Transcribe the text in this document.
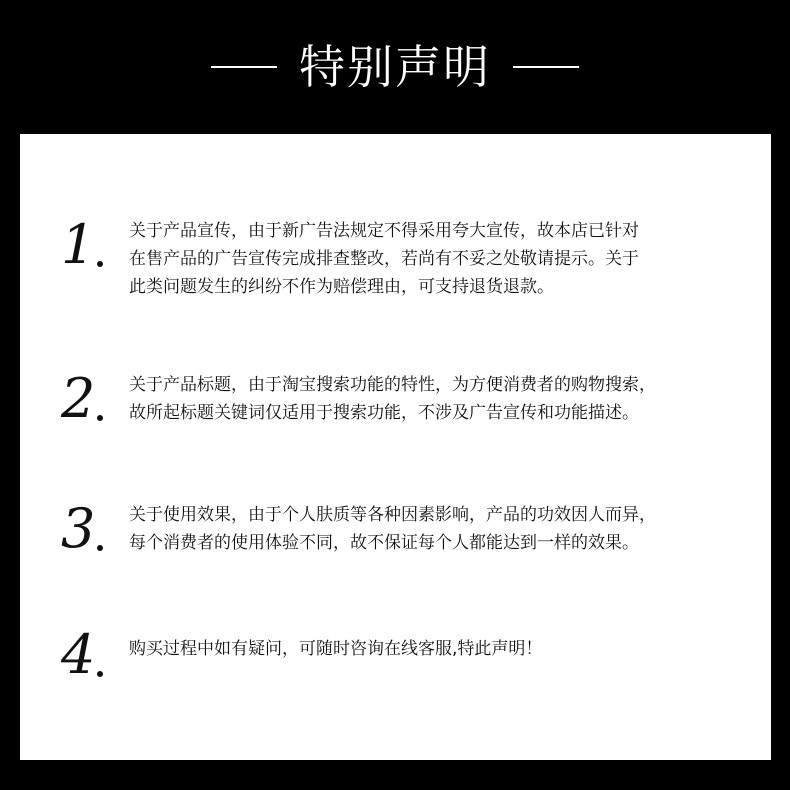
特别声明
1	关于产品宣传，由于新广告法规定不得采用夸大宣传，故本店已针对
在售产品的广告宣传完成排查整改，若尚有不妥之处敬请提示。关于
此类问题发生的纠纷不作为赔偿理由，可支持退货退款。
2	关于产品标题，由于淘宝搜索功能的特性，为方便消费者的购物搜索，
故所起标题关键词仅适用于搜索功能，不涉及广告宣传和功能描述。
3	关于使用效果，由于个人肤质等各种因素影响，产品的功效因人而异，
每个消费者的使用体验不同，故不保证每个人都能达到一样的效果。
4	购买过程中如有疑问，可随时咨询在线客服,特此声明！
